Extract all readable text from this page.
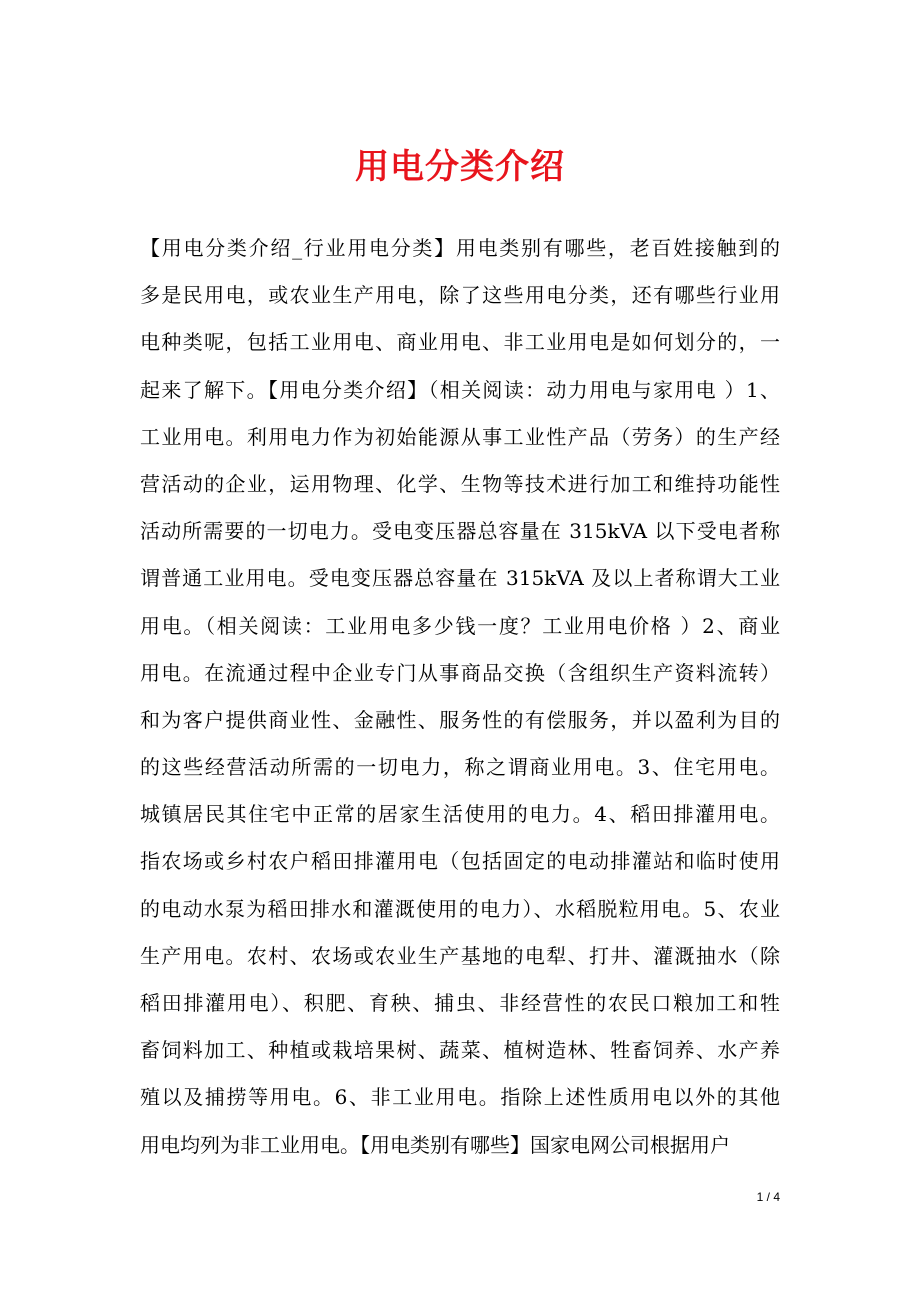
用电分类介绍
【用电分类介绍_行业用电分类】用电类别有哪些，老百姓接触到的
多是民用电，或农业生产用电，除了这些用电分类，还有哪些行业用
电种类呢，包括工业用电、商业用电、非工业用电是如何划分的，一
起来了解下。【用电分类介绍】（相关阅读：动力用电与家用电 ）1、
工业用电。利用电力作为初始能源从事工业性产品（劳务）的生产经
营活动的企业，运用物理、化学、生物等技术进行加工和维持功能性
活动所需要的一切电力。受电变压器总容量在 315kVA 以下受电者称
谓普通工业用电。受电变压器总容量在 315kVA 及以上者称谓大工业
用电。（相关阅读：工业用电多少钱一度？工业用电价格 ）2、商业
用电。在流通过程中企业专门从事商品交换（含组织生产资料流转）
和为客户提供商业性、金融性、服务性的有偿服务，并以盈利为目的
的这些经营活动所需的一切电力，称之谓商业用电。3、住宅用电。
城镇居民其住宅中正常的居家生活使用的电力。4、稻田排灌用电。
指农场或乡村农户稻田排灌用电（包括固定的电动排灌站和临时使用
的电动水泵为稻田排水和灌溉使用的电力）、水稻脱粒用电。5、农业
生产用电。农村、农场或农业生产基地的电犁、打井、灌溉抽水（除
稻田排灌用电）、积肥、育秧、捕虫、非经营性的农民口粮加工和牲
畜饲料加工、种植或栽培果树、蔬菜、植树造林、牲畜饲养、水产养
殖以及捕捞等用电。6、非工业用电。指除上述性质用电以外的其他
用电均列为非工业用电。【用电类别有哪些】国家电网公司根据用户
1 / 4
